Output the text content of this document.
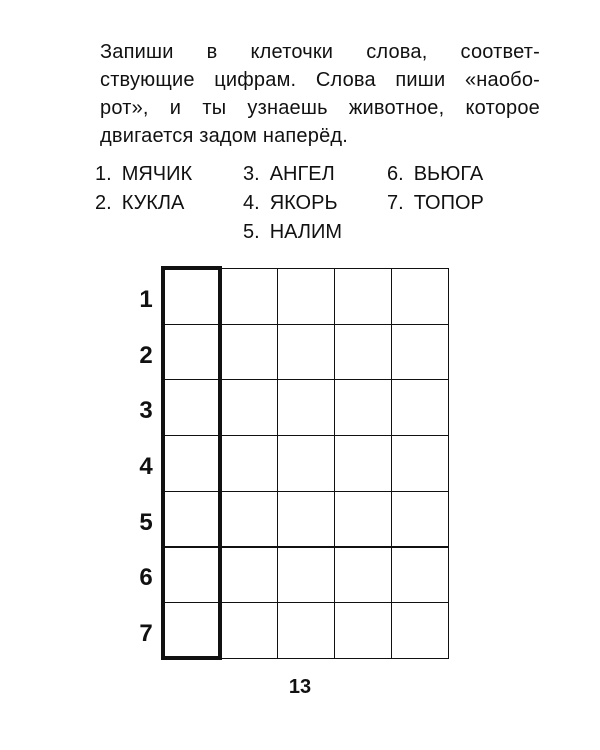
Запиши в клеточки слова, соответ-
ствующие цифрам. Слова пиши «наобо-
рот», и ты узнаешь животное, которое
двигается задом наперёд.
1. МЯЧИК
2. КУКЛА
3. АНГЕЛ
4. ЯКОРЬ
5. НАЛИМ
6. ВЬЮГА
7. ТОПОР
1
2
3
4
5
6
7
13
